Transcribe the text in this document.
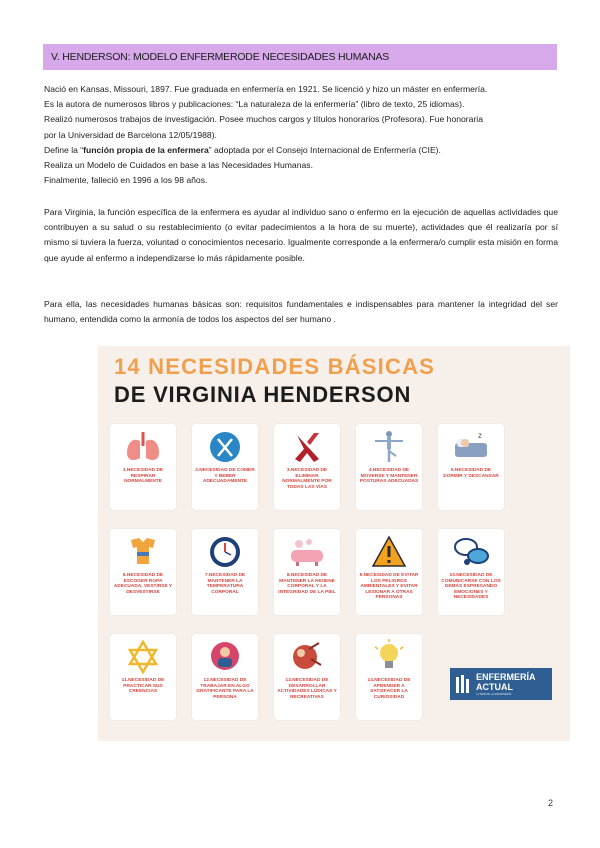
V. HENDERSON: MODELO ENFERMERODE NECESIDADES HUMANAS

Nació en Kansas, Missouri, 1897. Fue graduada en enfermería en 1921. Se licenció y hizo un máster en enfermería.

Es la autora de numerosos libros y publicaciones: “La naturaleza de la enfermería” (libro de texto, 25 idiomas).

Realizó numerosos trabajos de investigación. Posee muchos cargos y títulos honorarios (Profesora). Fue honoraria

por la Universidad de Barcelona 12/05/1988).

Define la “función propia de la enfermera” adoptada por el Consejo Internacional de Enfermería (CIE).

Realiza un Modelo de Cuidados en base a las Necesidades Humanas.

Finalmente, falleció en 1996 a los 98 años.

Para Virginia, la función específica de la enfermera es ayudar al individuo sano o enfermo en la ejecución de aquellas actividades que contribuyen a su salud o su restablecimiento (o evitar padecimientos a la hora de su muerte), actividades que él realizaría por sí mismo si tuviera la fuerza, voluntad o conocimientos necesario. Igualmente corresponde a la enfermera/o cumplir esta misión en forma que ayude al enfermo a independizarse lo más rápidamente posible.
Para ella, las necesidades humanas básicas son: requisitos fundamentales e indispensables para mantener la integridad del ser humano, entendida como la armonía de todos los aspectos del ser humano .
14 NECESIDADES BÁSICAS
DE VIRGINIA HENDERSON
1.NECESIDAD DE RESPIRAR NORMALMENTE
2.NECESIDAD DE COMER Y BEBER ADECUADAMENTE
3.NECESIDAD DE ELIMINAR NORMALMENTE POR TODAS LAS VÍAS
4.NECESIDAD DE MOVERSE Y MANTENER POSTURAS ADECUADAS
z
5.NECESIDAD DE DORMIR Y DESCANSAR
6.NECESIDAD DE ESCOGER ROPA ADECUADA, VESTIRSE Y DESVESTIRSE
7.NECESIDAD DE MANTENER LA TEMPERATURA CORPORAL
8.NECESIDAD DE MANTENER LA HIGIENE CORPORAL Y LA INTEGRIDAD DE LA PIEL
9.NECESIDAD DE EVITAR LOS PELIGROS AMBIENTALES Y EVITAR LESIONAR A OTRAS PERSONAS
10.NECESIDAD DE COMUNICARSE CON LOS DEMÁS EXPRESANDO EMOCIONES Y NECESIDADES
11.NECESIDAD DE PRACTICAR SUS CREENCIAS
12.NECESIDAD DE TRABAJAR EN ALGO GRATIFICANTE PARA LA PERSONA
13.NECESIDAD DE DESARROLLAR ACTIVIDADES LÚDICAS Y RECREATIVAS
14.NECESIDAD DE APRENDER A SATISFACER LA CURIOSIDAD
ENFERMERÍA
ACTUAL
LA WEB DE LA ENFERMERÍA
2
